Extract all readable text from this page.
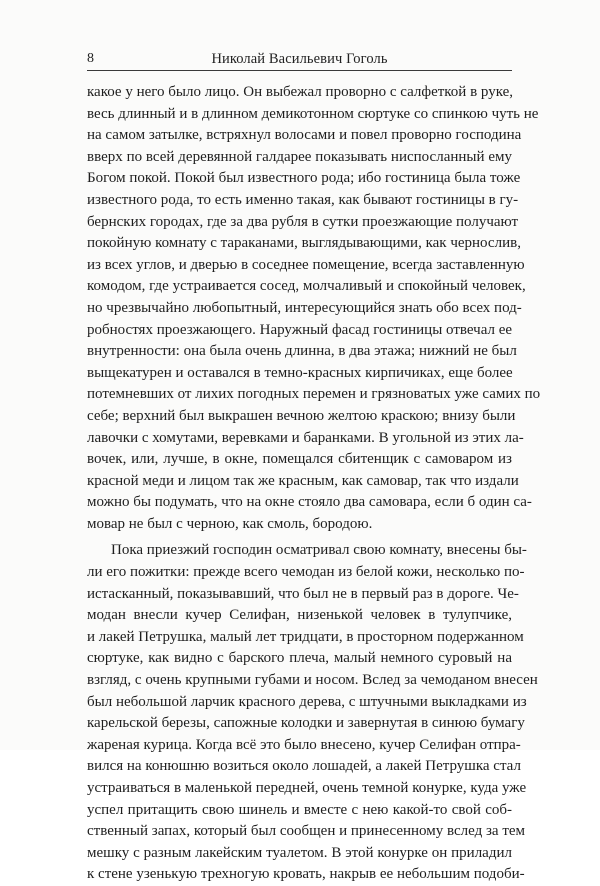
8	Николай Васильевич Гоголь

какое у него было лицо. Он выбежал проворно с салфеткой в руке,
весь длинный и в длинном демикотонном сюртуке со спинкою чуть не
на самом затылке, встряхнул волосами и повел проворно господина
вверх по всей деревянной галдарее показывать ниспосланный ему
Богом покой. Покой был известного рода; ибо гостиница была тоже
известного рода, то есть именно такая, как бывают гостиницы в гу-
бернских городах, где за два рубля в сутки проезжающие получают
покойную комнату с тараканами, выглядывающими, как чернослив,
из всех углов, и дверью в соседнее помещение, всегда заставленную
комодом, где устраивается сосед, молчаливый и спокойный человек,
но чрезвычайно любопытный, интересующийся знать обо всех под-
робностях проезжающего. Наружный фасад гостиницы отвечал ее
внутренности: она была очень длинна, в два этажа; нижний не был
выщекатурен и оставался в темно-красных кирпичиках, еще более
потемневших от лихих погодных перемен и грязноватых уже самих по
себе; верхний был выкрашен вечною желтою краскою; внизу были
лавочки с хомутами, веревками и баранками. В угольной из этих ла-
вочек, или, лучше, в окне, помещался сбитенщик с самоваром из
красной меди и лицом так же красным, как самовар, так что издали
можно бы подумать, что на окне стояло два самовара, если б один са-
мовар не был с черною, как смоль, бородою.

Пока приезжий господин осматривал свою комнату, внесены бы-
ли его пожитки: прежде всего чемодан из белой кожи, несколько по-
истасканный, показывавший, что был не в первый раз в дороге. Че-
модан внесли кучер Селифан, низенькой человек в тулупчике,
и лакей Петрушка, малый лет тридцати, в просторном подержанном
сюртуке, как видно с барского плеча, малый немного суровый на
взгляд, с очень крупными губами и носом. Вслед за чемоданом внесен
был небольшой ларчик красного дерева, с штучными выкладками из
карельской березы, сапожные колодки и завернутая в синюю бумагу
жареная курица. Когда всё это было внесено, кучер Селифан отпра-
вился на конюшню возиться около лошадей, а лакей Петрушка стал
устраиваться в маленькой передней, очень темной конурке, куда уже
успел притащить свою шинель и вместе с нею какой-то свой соб-
ственный запах, который был сообщен и принесенному вслед за тем
мешку с разным лакейским туалетом. В этой конурке он приладил
к стене узенькую трехногую кровать, накрыв ее небольшим подоби-
